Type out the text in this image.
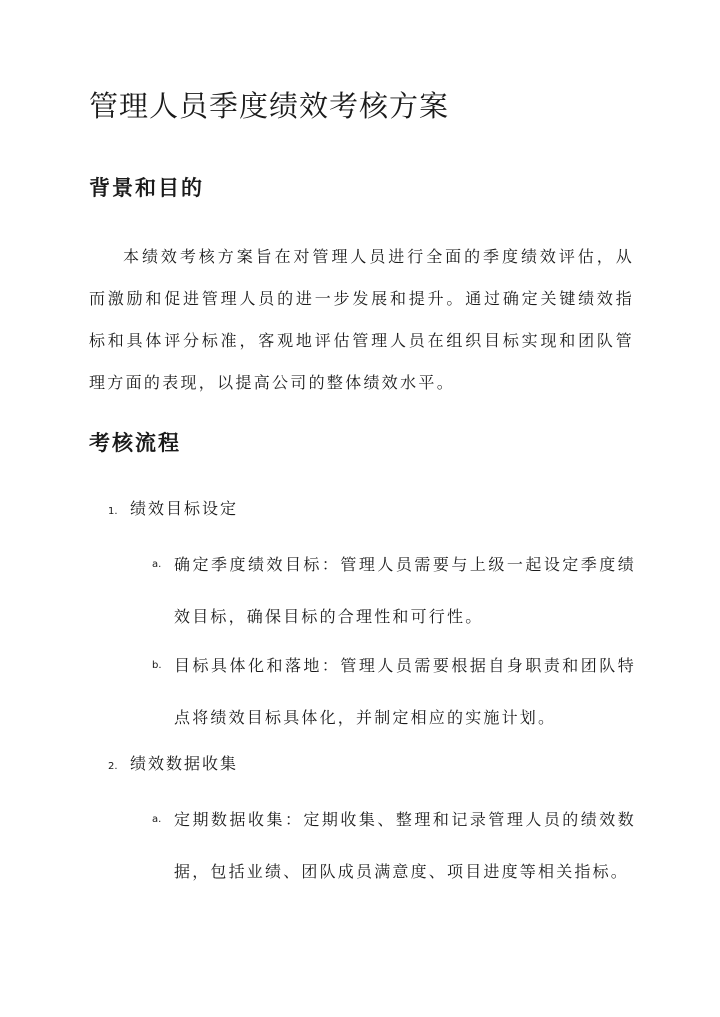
管理人员季度绩效考核方案
背景和目的

本绩效考核方案旨在对管理人员进行全面的季度绩效评估，从而激励和促进管理人员的进一步发展和提升。通过确定关键绩效指标和具体评分标准，客观地评估管理人员在组织目标实现和团队管理方面的表现，以提高公司的整体绩效水平。

考核流程
1. 绩效目标设定
a. 确定季度绩效目标：管理人员需要与上级一起设定季度绩效目标，确保目标的合理性和可行性。
b. 目标具体化和落地：管理人员需要根据自身职责和团队特点将绩效目标具体化，并制定相应的实施计划。
2. 绩效数据收集
a. 定期数据收集：定期收集、整理和记录管理人员的绩效数据，包括业绩、团队成员满意度、项目进度等相关指标。
